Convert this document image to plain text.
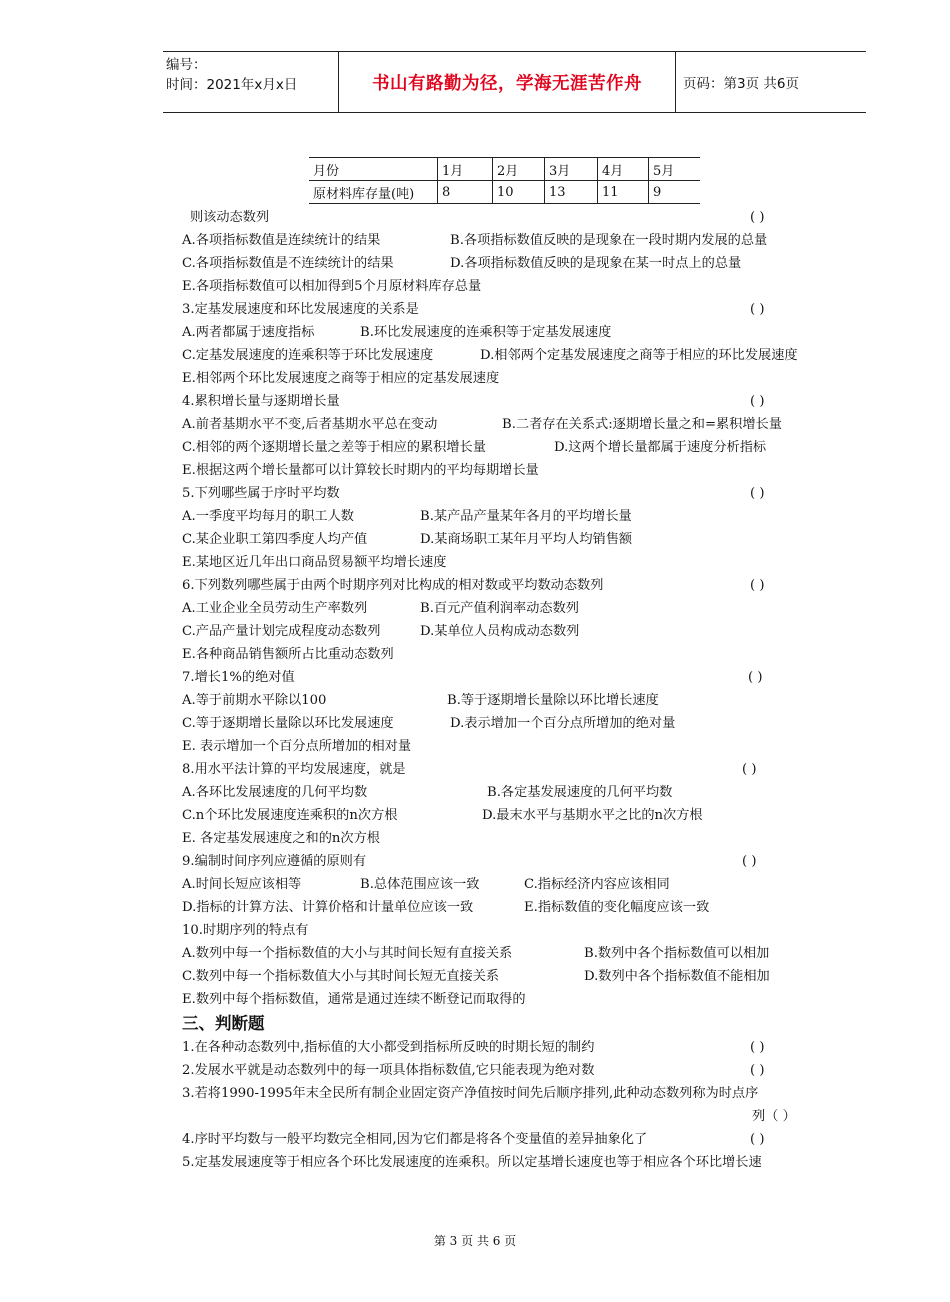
编号：
时间：2021年x月x日	书山有路勤为径，学海无涯苦作舟	页码：第3页 共6页
月份	1月	2月	3月	4月	5月
原材料库存量(吨)	8	10	13	11	9
则该动态数列	( )
A.各项指标数值是连续统计的结果	B.各项指标数值反映的是现象在一段时期内发展的总量
C.各项指标数值是不连续统计的结果	D.各项指标数值反映的是现象在某一时点上的总量
E.各项指标数值可以相加得到5个月原材料库存总量
3.定基发展速度和环比发展速度的关系是	( )
A.两者都属于速度指标	B.环比发展速度的连乘积等于定基发展速度
C.定基发展速度的连乘积等于环比发展速度	D.相邻两个定基发展速度之商等于相应的环比发展速度
E.相邻两个环比发展速度之商等于相应的定基发展速度
4.累积增长量与逐期增长量	( )
A.前者基期水平不变,后者基期水平总在变动	B.二者存在关系式:逐期增长量之和=累积增长量
C.相邻的两个逐期增长量之差等于相应的累积增长量	D.这两个增长量都属于速度分析指标
E.根据这两个增长量都可以计算较长时期内的平均每期增长量
5.下列哪些属于序时平均数	( )
A.一季度平均每月的职工人数	B.某产品产量某年各月的平均增长量
C.某企业职工第四季度人均产值	D.某商场职工某年月平均人均销售额
E.某地区近几年出口商品贸易额平均增长速度
6.下列数列哪些属于由两个时期序列对比构成的相对数或平均数动态数列	( )
A.工业企业全员劳动生产率数列	B.百元产值利润率动态数列
C.产品产量计划完成程度动态数列	D.某单位人员构成动态数列
E.各种商品销售额所占比重动态数列
7.增长1%的绝对值	( )
A.等于前期水平除以100	B.等于逐期增长量除以环比增长速度
C.等于逐期增长量除以环比发展速度	D.表示增加一个百分点所增加的绝对量
E. 表示增加一个百分点所增加的相对量
8.用水平法计算的平均发展速度，就是	( )
A.各环比发展速度的几何平均数	B.各定基发展速度的几何平均数
C.n个环比发展速度连乘积的n次方根	D.最末水平与基期水平之比的n次方根
E. 各定基发展速度之和的n次方根
9.编制时间序列应遵循的原则有	( )
A.时间长短应该相等	B.总体范围应该一致	C.指标经济内容应该相同
D.指标的计算方法、计算价格和计量单位应该一致	E.指标数值的变化幅度应该一致
10.时期序列的特点有
A.数列中每一个指标数值的大小与其时间长短有直接关系	B.数列中各个指标数值可以相加
C.数列中每一个指标数值大小与其时间长短无直接关系	D.数列中各个指标数值不能相加
E.数列中每个指标数值，通常是通过连续不断登记而取得的
三、判断题
1.在各种动态数列中,指标值的大小都受到指标所反映的时期长短的制约	( )
2.发展水平就是动态数列中的每一项具体指标数值,它只能表现为绝对数	( )
3.若将1990-1995年末全民所有制企业固定资产净值按时间先后顺序排列,此种动态数列称为时点序
列（ ）
4.序时平均数与一般平均数完全相同,因为它们都是将各个变量值的差异抽象化了	( )
5.定基发展速度等于相应各个环比发展速度的连乘积。所以定基增长速度也等于相应各个环比增长速
第 3 页 共 6 页
